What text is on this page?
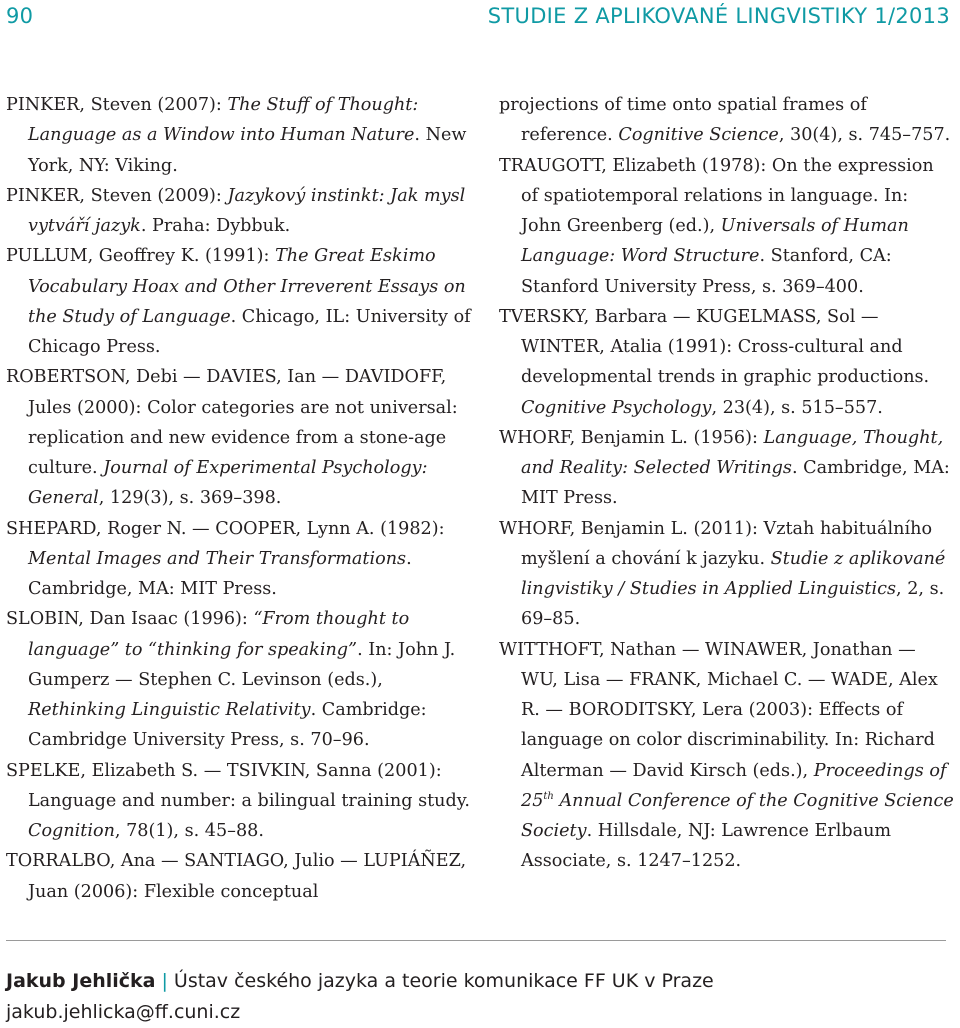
90	STUDIE Z APLIKOVANÉ LINGVISTIKY 1/2013
PINKER, Steven (2007): The Stuff of Thought: Language as a Window into Human Nature. New York, NY: Viking.
PINKER, Steven (2009): Jazykový instinkt: Jak mysl vytváří jazyk. Praha: Dybbuk.
PULLUM, Geoffrey K. (1991): The Great Eskimo Vocabulary Hoax and Other Irreverent Essays on the Study of Language. Chicago, IL: University of Chicago Press.
ROBERTSON, Debi — DAVIES, Ian — DAVIDOFF, Jules (2000): Color categories are not universal: replication and new evidence from a stone-age culture. Journal of Experimental Psychology: General, 129(3), s. 369–398.
SHEPARD, Roger N. — COOPER, Lynn A. (1982): Mental Images and Their Transformations. Cambridge, MA: MIT Press.
SLOBIN, Dan Isaac (1996): “From thought to language” to “thinking for speaking”. In: John J. Gumperz — Stephen C. Levinson (eds.), Rethinking Linguistic Relativity. Cambridge: Cambridge University Press, s. 70–96.
SPELKE, Elizabeth S. — TSIVKIN, Sanna (2001): Language and number: a bilingual training study. Cognition, 78(1), s. 45–88.
TORRALBO, Ana — SANTIAGO, Julio — LUPIÁÑEZ, Juan (2006): Flexible conceptual
projections of time onto spatial frames of reference. Cognitive Science, 30(4), s. 745–757.
TRAUGOTT, Elizabeth (1978): On the expression of spatiotemporal relations in language. In: John Greenberg (ed.), Universals of Human Language: Word Structure. Stanford, CA: Stanford University Press, s. 369–400.
TVERSKY, Barbara — KUGELMASS, Sol — WINTER, Atalia (1991): Cross-cultural and developmental trends in graphic productions. Cognitive Psychology, 23(4), s. 515–557.
WHORF, Benjamin L. (1956): Language, Thought, and Reality: Selected Writings. Cambridge, MA: MIT Press.
WHORF, Benjamin L. (2011): Vztah habituálního myšlení a chování k jazyku. Studie z aplikované lingvistiky / Studies in Applied Linguistics, 2, s. 69–85.
WITTHOFT, Nathan — WINAWER, Jonathan — WU, Lisa — FRANK, Michael C. — WADE, Alex R. — BORODITSKY, Lera (2003): Effects of language on color discriminability. In: Richard Alterman — David Kirsch (eds.), Proceedings of 25th Annual Conference of the Cognitive Science Society. Hillsdale, NJ: Lawrence Erlbaum Associate, s. 1247–1252.
Jakub Jehlička | Ústav českého jazyka a teorie komunikace FF UK v Praze
jakub.jehlicka@ff.cuni.cz
